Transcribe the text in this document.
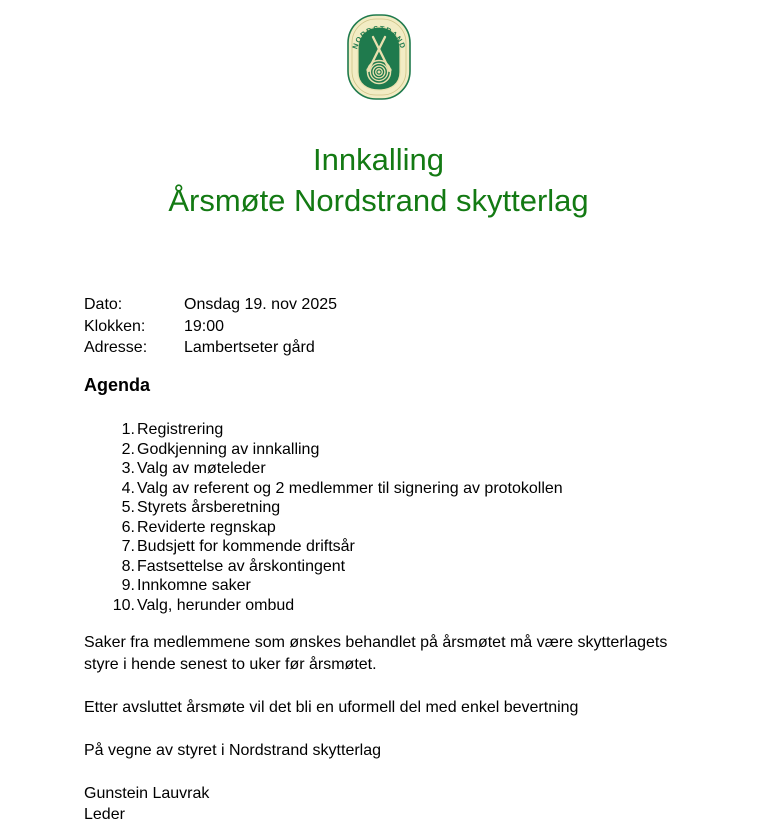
NORDSTRAND
Innkalling
Årsmøte Nordstrand skytterlag
Dato:	Onsdag 19. nov 2025
Klokken:	19:00
Adresse:	Lambertseter gård
Agenda
1. Registrering
2. Godkjenning av innkalling
3. Valg av møteleder
4. Valg av referent og 2 medlemmer til signering av protokollen
5. Styrets årsberetning
6. Reviderte regnskap
7. Budsjett for kommende driftsår
8. Fastsettelse av årskontingent
9. Innkomne saker
10. Valg, herunder ombud
Saker fra medlemmene som ønskes behandlet på årsmøtet må være skytterlagets
styre i hende senest to uker før årsmøtet.
Etter avsluttet årsmøte vil det bli en uformell del med enkel bevertning
På vegne av styret i Nordstrand skytterlag
Gunstein Lauvrak
Leder
